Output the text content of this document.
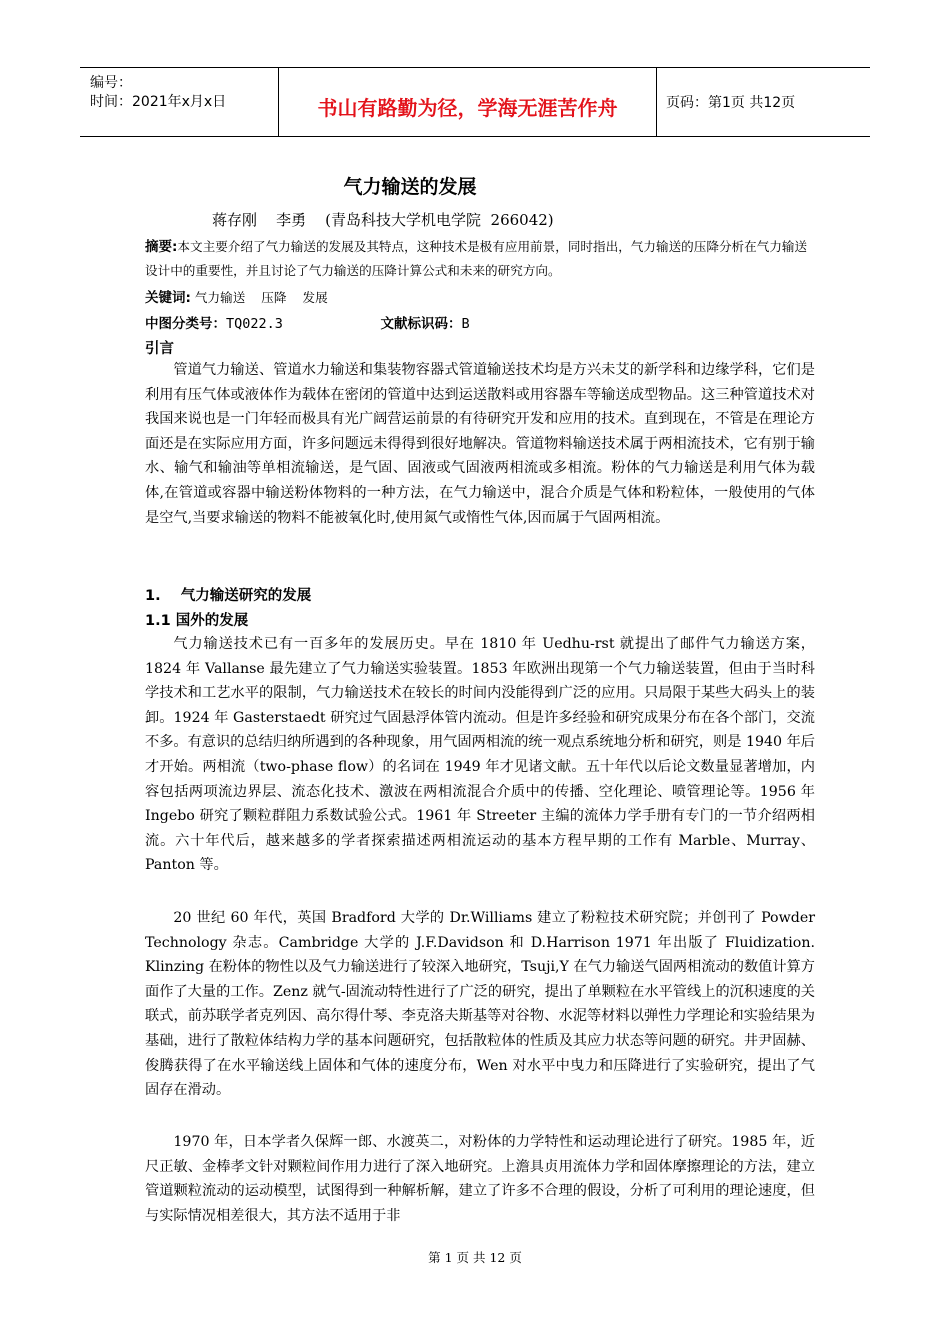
编号：
时间：2021年x月x日	书山有路勤为径，学海无涯苦作舟	页码：第1页 共12页
气力输送的发展
蒋存刚    李勇    (青岛科技大学机电学院  266042)
摘要:本文主要介绍了气力输送的发展及其特点，这种技术是极有应用前景，同时指出，气力输送的压降分析在气力输送设计中的重要性，并且讨论了气力输送的压降计算公式和未来的研究方向。
关键词: 气力输送    压降    发展
中图分类号：TQ022.3	文献标识码：B
引言
管道气力输送、管道水力输送和集装物容器式管道输送技术均是方兴未艾的新学科和边缘学科，它们是利用有压气体或液体作为载体在密闭的管道中达到运送散料或用容器车等输送成型物品。这三种管道技术对我国来说也是一门年轻而极具有光广阔营运前景的有待研究开发和应用的技术。直到现在，不管是在理论方面还是在实际应用方面，许多问题远未得得到很好地解决。管道物料输送技术属于两相流技术，它有别于输水、输气和输油等单相流输送，是气固、固液或气固液两相流或多相流。粉体的气力输送是利用气体为载体,在管道或容器中输送粉体物料的一种方法，在气力输送中，混合介质是气体和粉粒体，一般使用的气体是空气,当要求输送的物料不能被氧化时,使用氮气或惰性气体,因而属于气固两相流。
1.    气力输送研究的发展
1.1 国外的发展
气力输送技术已有一百多年的发展历史。早在 1810 年 Uedhu-rst 就提出了邮件气力输送方案，1824 年 Vallanse 最先建立了气力输送实验装置。1853 年欧洲出现第一个气力输送装置，但由于当时科学技术和工艺水平的限制，气力输送技术在较长的时间内没能得到广泛的应用。只局限于某些大码头上的装卸。1924 年 Gasterstaedt 研究过气固悬浮体管内流动。但是许多经验和研究成果分布在各个部门，交流不多。有意识的总结归纳所遇到的各种现象，用气固两相流的统一观点系统地分析和研究，则是 1940 年后才开始。两相流（two-phase flow）的名词在 1949 年才见诸文献。五十年代以后论文数量显著增加，内容包括两项流边界层、流态化技术、激波在两相流混合介质中的传播、空化理论、喷管理论等。1956 年 Ingebo 研究了颗粒群阻力系数试验公式。1961 年 Streeter 主编的流体力学手册有专门的一节介绍两相流。六十年代后，越来越多的学者探索描述两相流运动的基本方程早期的工作有 Marble、Murray、Panton 等。
20 世纪 60 年代，英国 Bradford 大学的 Dr.Williams 建立了粉粒技术研究院；并创刊了 Powder Technology 杂志。Cambridge 大学的 J.F.Davidson 和 D.Harrison 1971 年出版了 Fluidization. Klinzing 在粉体的物性以及气力输送进行了较深入地研究，Tsuji,Y 在气力输送气固两相流动的数值计算方面作了大量的工作。Zenz 就气-固流动特性进行了广泛的研究，提出了单颗粒在水平管线上的沉积速度的关联式，前苏联学者克列因、高尔得什琴、李克洛夫斯基等对谷物、水泥等材料以弹性力学理论和实验结果为基础，进行了散粒体结构力学的基本问题研究，包括散粒体的性质及其应力状态等问题的研究。井尹固赫、俊腾获得了在水平输送线上固体和气体的速度分布，Wen 对水平中曳力和压降进行了实验研究，提出了气固存在滑动。
1970 年，日本学者久保辉一郎、水渡英二，对粉体的力学特性和运动理论进行了研究。1985 年，近尺正敏、金棒孝文针对颗粒间作用力进行了深入地研究。上澹具贞用流体力学和固体摩擦理论的方法，建立管道颗粒流动的运动模型，试图得到一种解析解，建立了许多不合理的假设，分析了可利用的理论速度，但与实际情况相差很大，其方法不适用于非
第 1 页 共 12 页
